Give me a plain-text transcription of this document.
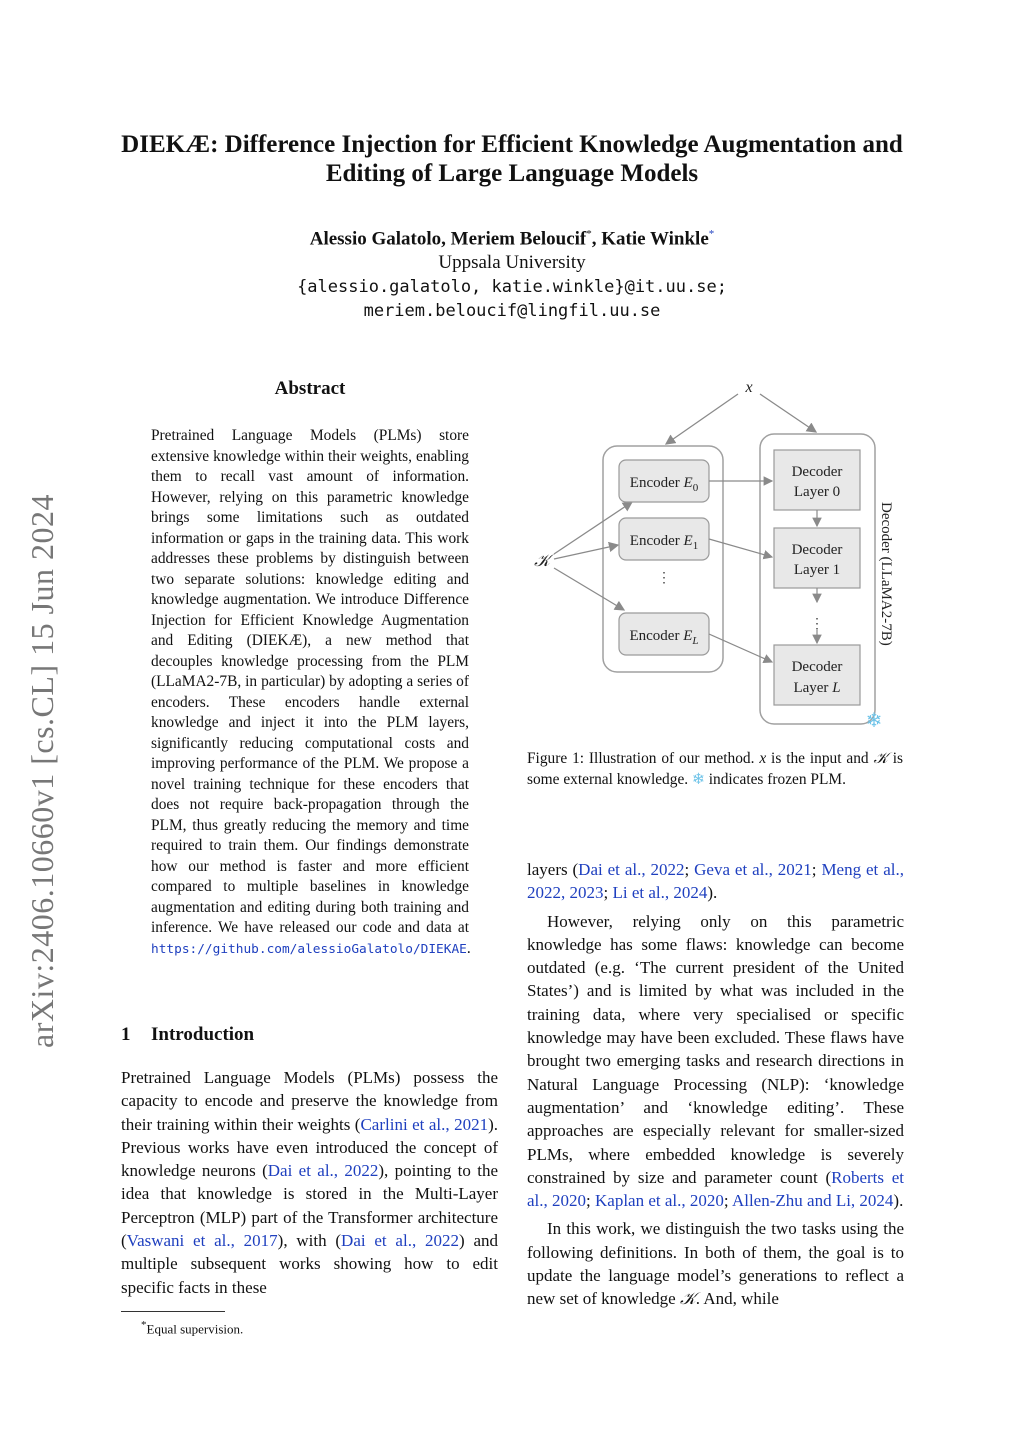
arXiv:2406.10660v1 [cs.CL] 15 Jun 2024
DIEKÆ: Difference Injection for Efficient Knowledge Augmentation and
Editing of Large Language Models
Alessio Galatolo, Meriem Beloucif*, Katie Winkle*
Uppsala University
{alessio.galatolo, katie.winkle}@it.uu.se;
meriem.beloucif@lingfil.uu.se
Abstract
Pretrained Language Models (PLMs) store extensive knowledge within their weights, enabling them to recall vast amount of information. However, relying on this parametric knowledge brings some limitations such as outdated information or gaps in the training data. This work addresses these problems by distinguish between two separate solutions: knowledge editing and knowledge augmentation. We introduce Difference Injection for Efficient Knowledge Augmentation and Editing (DIEKÆ), a new method that decouples knowledge processing from the PLM (LLaMA2-7B, in particular) by adopting a series of encoders. These encoders handle external knowledge and inject it into the PLM layers, significantly reducing computational costs and improving performance of the PLM. We propose a novel training technique for these encoders that does not require back-propagation through the PLM, thus greatly reducing the memory and time required to train them. Our findings demonstrate how our method is faster and more efficient compared to multiple baselines in knowledge augmentation and editing during both training and inference. We have released our code and data at https://github.com/alessioGalatolo/DIEKAE.
1 Introduction

Pretrained Language Models (PLMs) possess the capacity to encode and preserve the knowledge from their training within their weights (Carlini et al., 2021). Previous works have even introduced the concept of knowledge neurons (Dai et al., 2022), pointing to the idea that knowledge is stored in the Multi-Layer Perceptron (MLP) part of the Transformer architecture (Vaswani et al., 2017), with (Dai et al., 2022) and multiple subsequent works showing how to edit specific facts in these

*Equal supervision.
x
𝒦
Encoder $E_0$
Encoder $E_1$
⋮
Encoder $E_L$
Decoder
Layer 0
Decoder
Layer 1
⋮
Decoder
Layer L
Decoder (LLaMA2-7B)
❄
Figure 1: Illustration of our method. x is the input and 𝒦 is some external knowledge. ❄ indicates frozen PLM.

layers (Dai et al., 2022; Geva et al., 2021; Meng et al., 2022, 2023; Li et al., 2024).

However, relying only on this parametric knowledge has some flaws: knowledge can become outdated (e.g. ‘The current president of the United States’) and is limited by what was included in the training data, where very specialised or specific knowledge may have been excluded. These flaws have brought two emerging tasks and research directions in Natural Language Processing (NLP): ‘knowledge augmentation’ and ‘knowledge editing’. These approaches are especially relevant for smaller-sized PLMs, where embedded knowledge is severely constrained by size and parameter count (Roberts et al., 2020; Kaplan et al., 2020; Allen-Zhu and Li, 2024).

In this work, we distinguish the two tasks using the following definitions. In both of them, the goal is to update the language model’s generations to reflect a new set of knowledge 𝒦. And, while
